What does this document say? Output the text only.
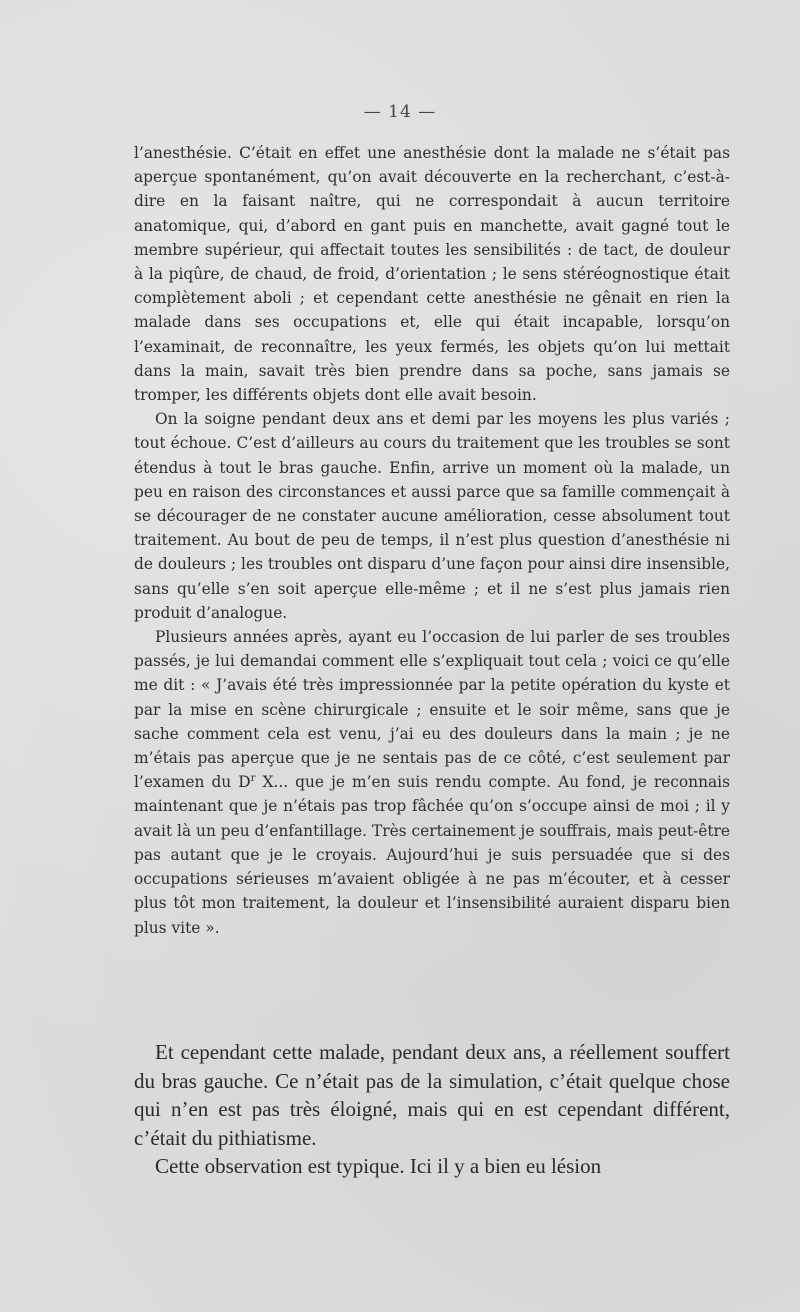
— 14 —

l’anesthésie. C’était en effet une anesthésie dont la malade ne s’était pas aperçue spontanément, qu’on avait découverte en la recherchant, c’est-à-dire en la faisant naître, qui ne correspondait à aucun territoire anatomique, qui, d’abord en gant puis en manchette, avait gagné tout le membre supérieur, qui affectait toutes les sensibilités : de tact, de douleur à la piqûre, de chaud, de froid, d’orientation ; le sens stéréognostique était complètement aboli ; et cependant cette anesthésie ne gênait en rien la malade dans ses occupations et, elle qui était incapable, lorsqu’on l’examinait, de reconnaître, les yeux fermés, les objets qu’on lui mettait dans la main, savait très bien prendre dans sa poche, sans jamais se tromper, les différents objets dont elle avait besoin.

On la soigne pendant deux ans et demi par les moyens les plus variés ; tout échoue. C’est d’ailleurs au cours du traitement que les troubles se sont étendus à tout le bras gauche. Enfin, arrive un moment où la malade, un peu en raison des circonstances et aussi parce que sa famille commençait à se décourager de ne constater aucune amélioration, cesse absolument tout traitement. Au bout de peu de temps, il n’est plus question d’anesthésie ni de douleurs ; les troubles ont disparu d’une façon pour ainsi dire insensible, sans qu’elle s’en soit aperçue elle-même ; et il ne s’est plus jamais rien produit d’analogue.

Plusieurs années après, ayant eu l’occasion de lui parler de ses troubles passés, je lui demandai comment elle s’expliquait tout cela ; voici ce qu’elle me dit : « J’avais été très impressionnée par la petite opération du kyste et par la mise en scène chirurgicale ; ensuite et le soir même, sans que je sache comment cela est venu, j’ai eu des douleurs dans la main ; je ne m’étais pas aperçue que je ne sentais pas de ce côté, c’est seulement par l’examen du $D^r$ X... que je m’en suis rendu compte. Au fond, je reconnais maintenant que je n’étais pas trop fâchée qu’on s’occupe ainsi de moi ; il y avait là un peu d’enfantillage. Très certainement je souffrais, mais peut-être pas autant que je le croyais. Aujourd’hui je suis persuadée que si des occupations sérieuses m’avaient obligée à ne pas m’écouter, et à cesser plus tôt mon traitement, la douleur et l’insensibilité auraient disparu bien plus vite ».

Et cependant cette malade, pendant deux ans, a réellement souffert du bras gauche. Ce n’était pas de la simulation, c’était quelque chose qui n’en est pas très éloigné, mais qui en est cependant différent, c’était du pithiatisme.

Cette observation est typique. Ici il y a bien eu lésion
